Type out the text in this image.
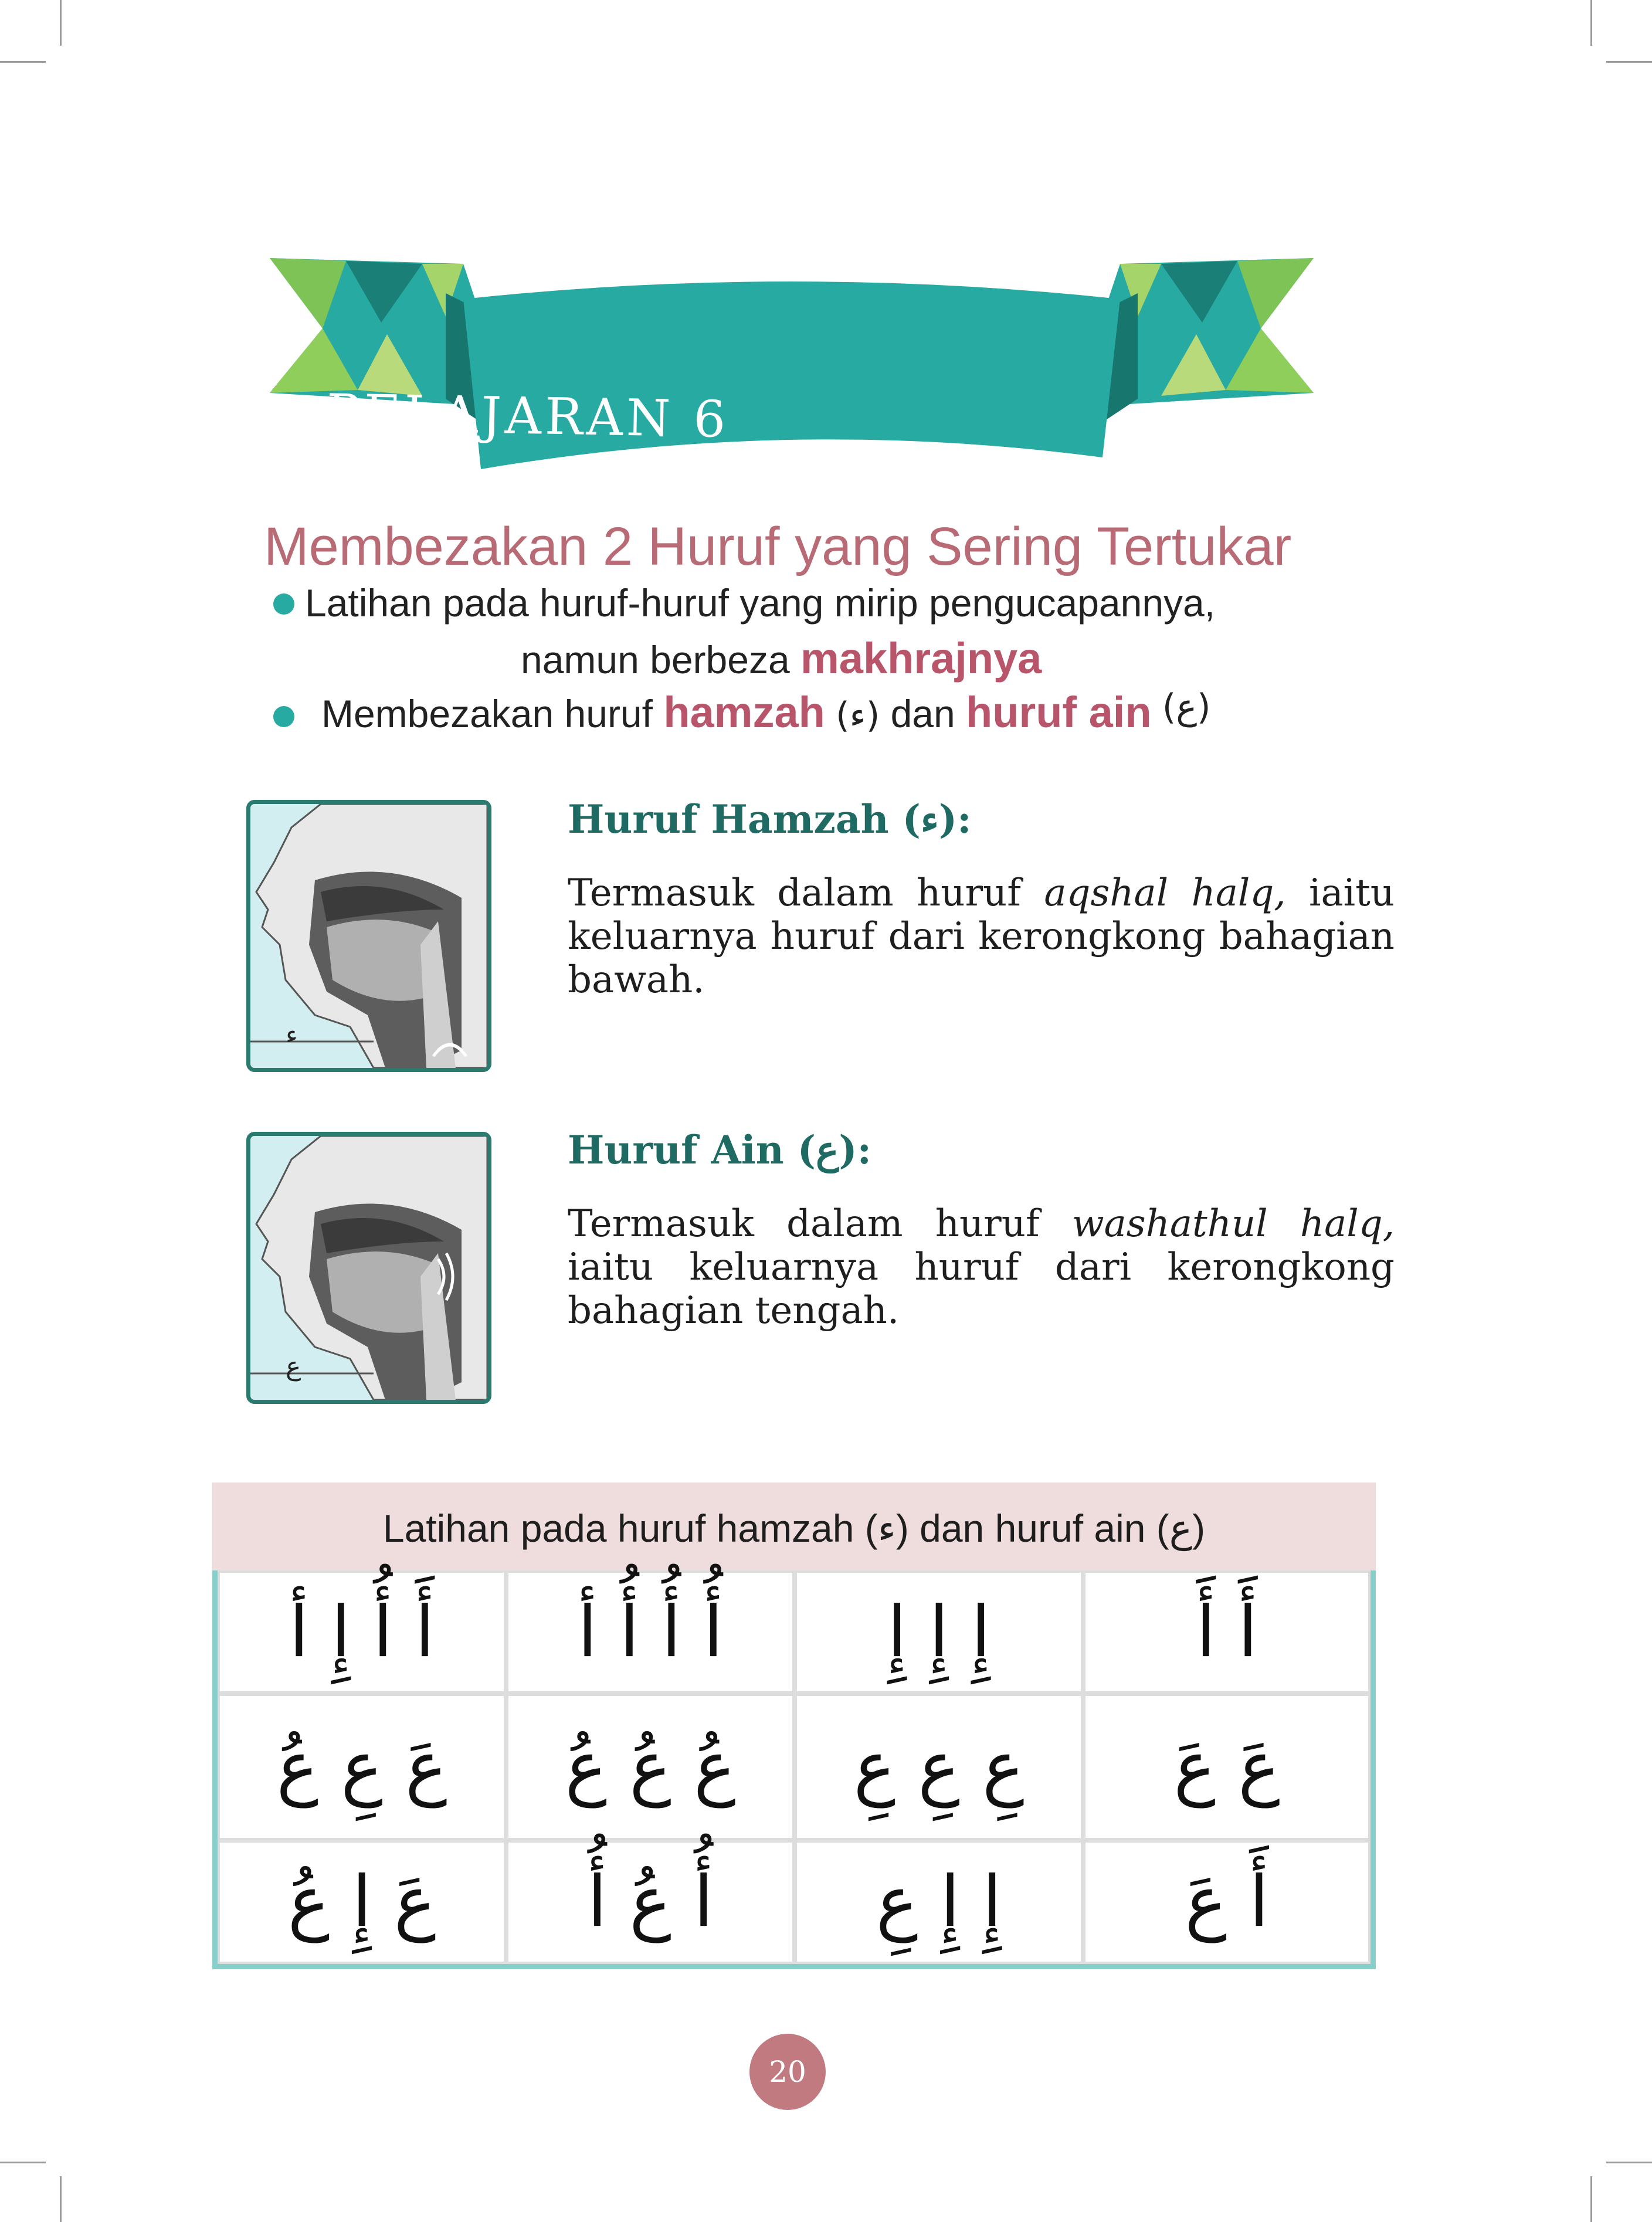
PELAJARAN 6
Membezakan 2 Huruf yang Sering Tertukar
Latihan pada huruf-huruf yang mirip pengucapannya,
namun berbeza makhrajnya
Membezakan huruf hamzah (ء) dan huruf ain (ع)
ء
Huruf Hamzah (ء):
Termasuk dalam huruf aqshal halq, iaitu keluarnya huruf dari kerongkong bahagian bawah.
ع
Huruf Ain (ع):
Termasuk dalam huruf washathul halq, iaitu keluarnya huruf dari kerongkong bahagian tengah.
Latihan pada huruf hamzah (ء) dan huruf ain (ع)
أَ أُ إِ أ	أُ أُ أُ أ	إِ إِ إِ	أَ أَ
عَ عِ عُ	عُ عُ عُ	عِ عِ عِ	عَ عَ
عَ إِ عُ	أُ عُ أُ	إِ إِ عِ	أَ عَ
20
